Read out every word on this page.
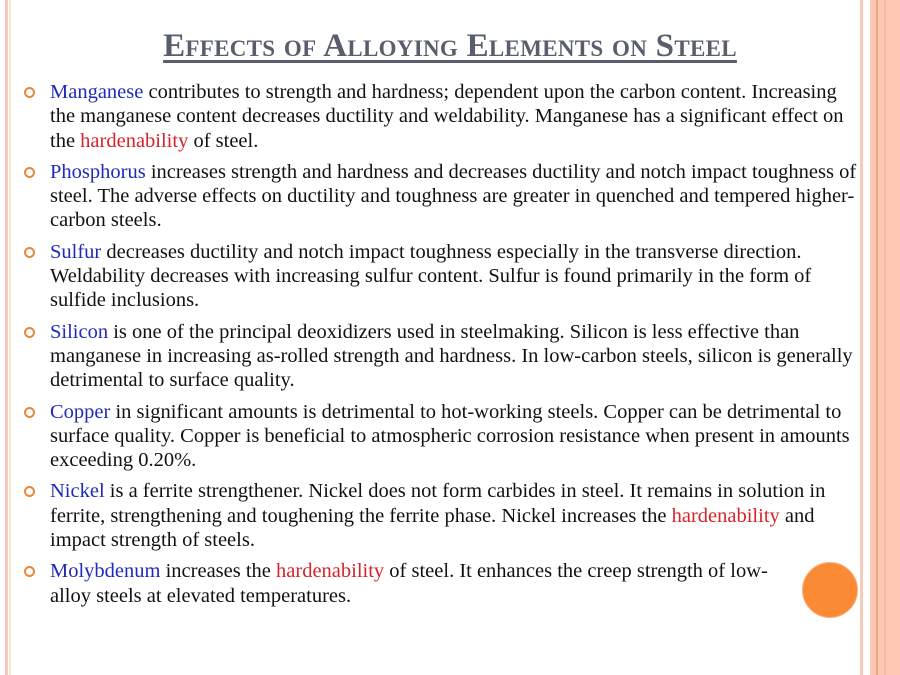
Effects of Alloying Elements on Steel
Manganese contributes to strength and hardness; dependent upon the carbon content. Increasing the manganese content decreases ductility and weldability. Manganese has a significant effect on the hardenability of steel.
Phosphorus increases strength and hardness and decreases ductility and notch impact toughness of steel. The adverse effects on ductility and toughness are greater in quenched and tempered higher-carbon steels.
Sulfur decreases ductility and notch impact toughness especially in the transverse direction. Weldability decreases with increasing sulfur content. Sulfur is found primarily in the form of sulfide inclusions.
Silicon is one of the principal deoxidizers used in steelmaking. Silicon is less effective than manganese in increasing as-rolled strength and hardness. In low-carbon steels, silicon is generally detrimental to surface quality.
Copper in significant amounts is detrimental to hot-working steels. Copper can be detrimental to surface quality. Copper is beneficial to atmospheric corrosion resistance when present in amounts exceeding 0.20%.
Nickel is a ferrite strengthener. Nickel does not form carbides in steel. It remains in solution in ferrite, strengthening and toughening the ferrite phase. Nickel increases the hardenability and impact strength of steels.
Molybdenum increases the hardenability of steel. It enhances the creep strength of low-alloy steels at elevated temperatures.
